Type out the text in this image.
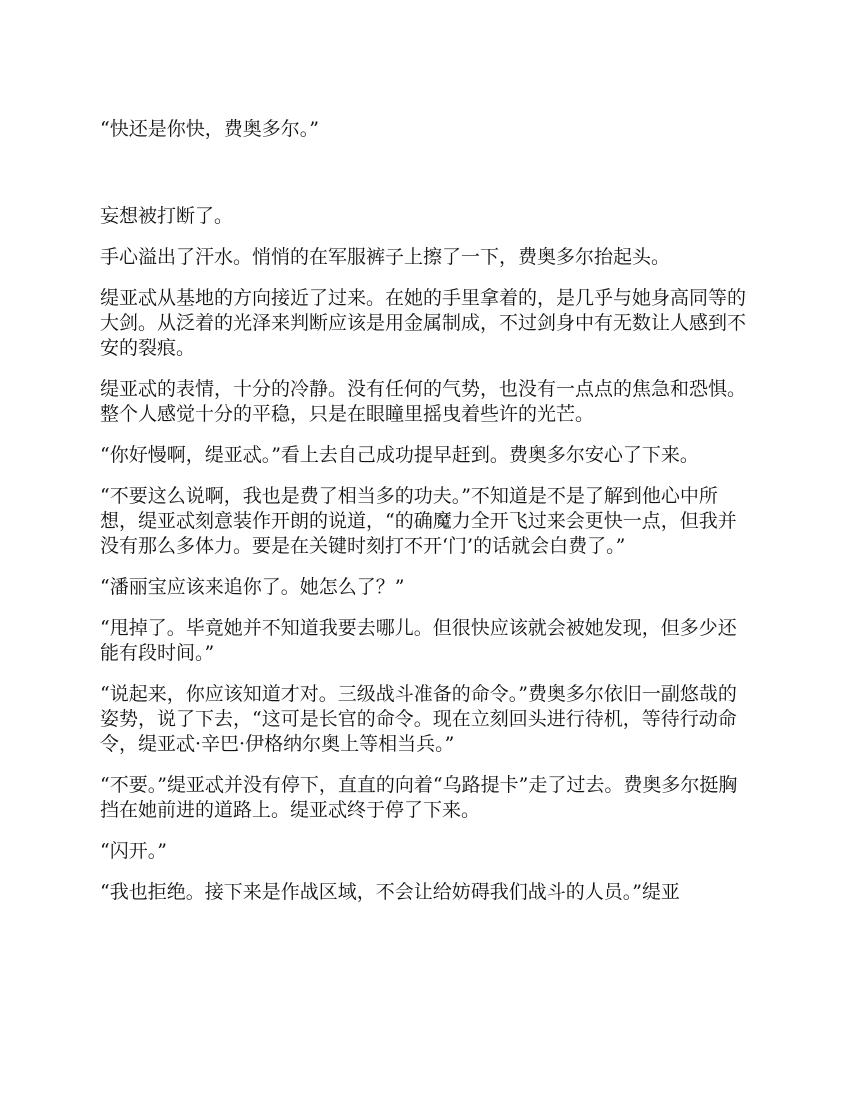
“快还是你快，费奥多尔。”

妄想被打断了。

手心溢出了汗水。悄悄的在军服裤子上擦了一下，费奥多尔抬起头。

缇亚忒从基地的方向接近了过来。在她的手里拿着的，是几乎与她身高同等的大剑。从泛着的光泽来判断应该是用金属制成，不过剑身中有无数让人感到不安的裂痕。

缇亚忒的表情，十分的冷静。没有任何的气势，也没有一点点的焦急和恐惧。整个人感觉十分的平稳，只是在眼瞳里摇曳着些许的光芒。

“你好慢啊，缇亚忒。”看上去自己成功提早赶到。费奥多尔安心了下来。

“不要这么说啊，我也是费了相当多的功夫。”不知道是不是了解到他心中所想，缇亚忒刻意装作开朗的说道，“的确魔力全开飞过来会更快一点，但我并没有那么多体力。要是在关键时刻打不开‘门’的话就会白费了。”

“潘丽宝应该来追你了。她怎么了？”

“甩掉了。毕竟她并不知道我要去哪儿。但很快应该就会被她发现，但多少还能有段时间。”

“说起来，你应该知道才对。三级战斗准备的命令。”费奥多尔依旧一副悠哉的姿势，说了下去，“这可是长官的命令。现在立刻回头进行待机，等待行动命令，缇亚忒·辛巴·伊格纳尔奥上等相当兵。”

“不要。”缇亚忒并没有停下，直直的向着“乌路提卡”走了过去。费奥多尔挺胸挡在她前进的道路上。缇亚忒终于停了下来。

“闪开。”

“我也拒绝。接下来是作战区域，不会让给妨碍我们战斗的人员。”缇亚
